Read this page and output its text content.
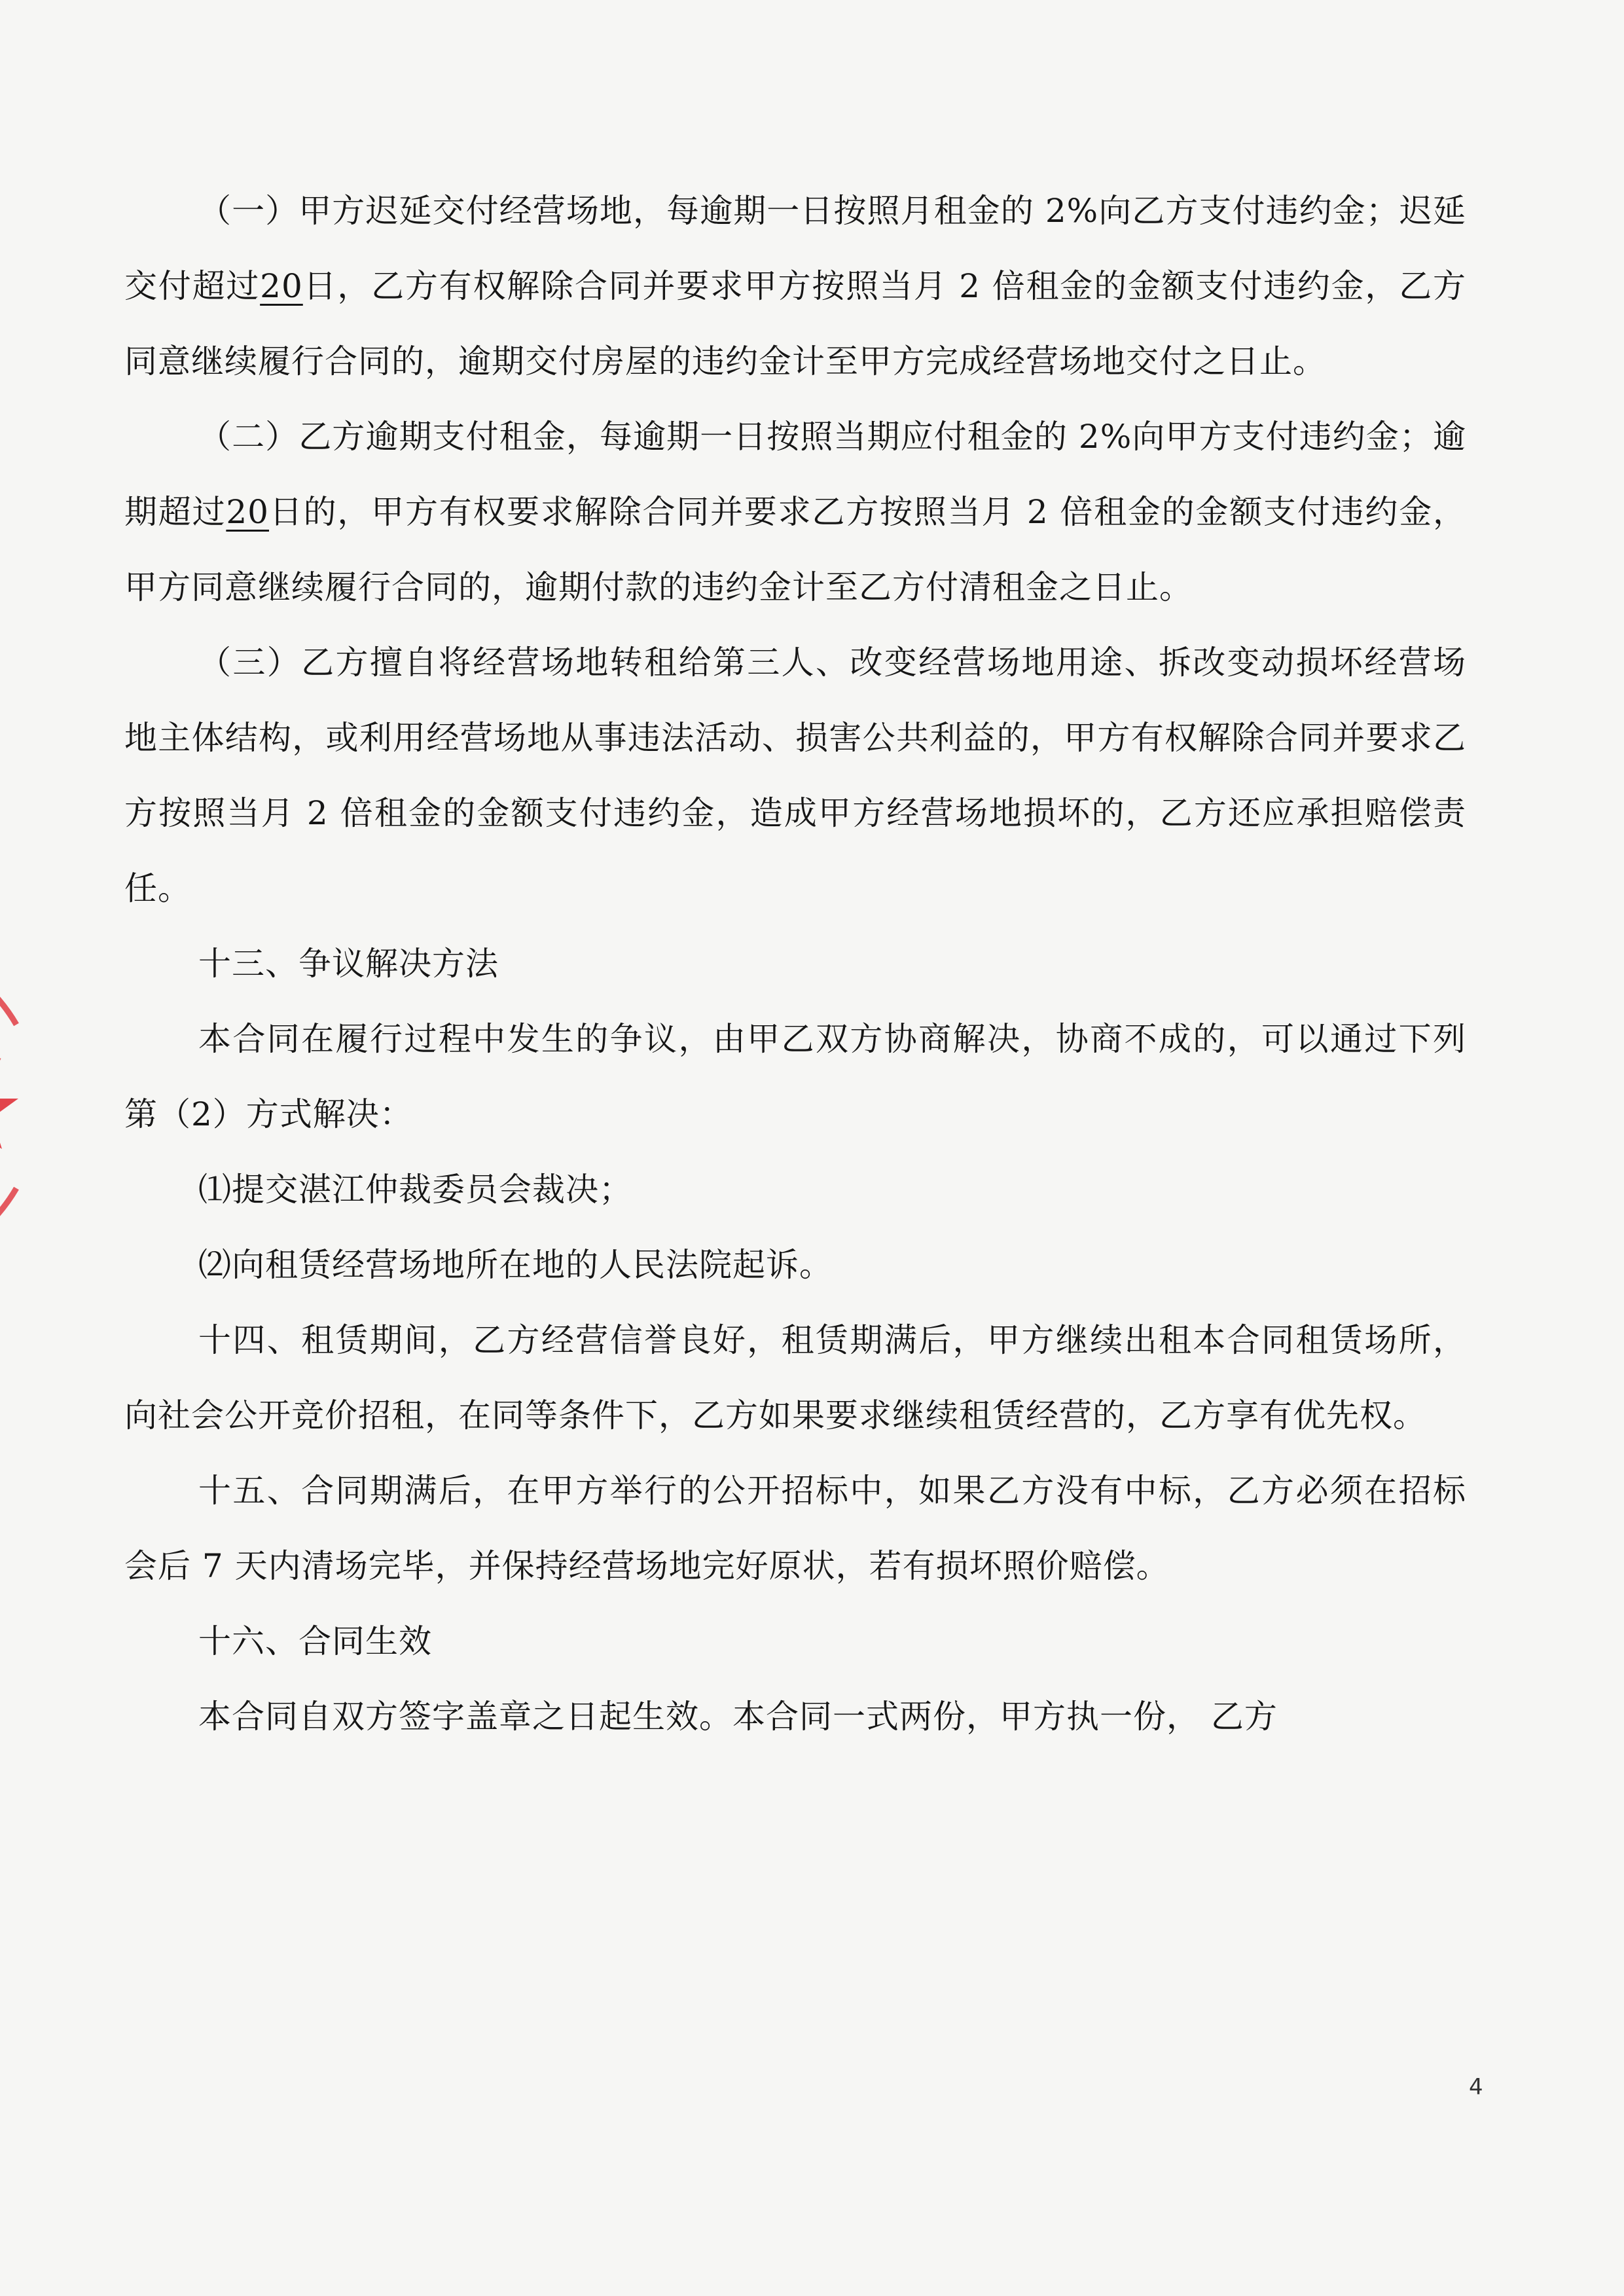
（一）甲方迟延交付经营场地，每逾期一日按照月租金的 2%向乙方支付违约金；迟延交付超过20日，乙方有权解除合同并要求甲方按照当月 2 倍租金的金额支付违约金，乙方同意继续履行合同的，逾期交付房屋的违约金计至甲方完成经营场地交付之日止。

（二）乙方逾期支付租金，每逾期一日按照当期应付租金的 2%向甲方支付违约金；逾期超过20日的，甲方有权要求解除合同并要求乙方按照当月 2 倍租金的金额支付违约金，甲方同意继续履行合同的，逾期付款的违约金计至乙方付清租金之日止。

（三）乙方擅自将经营场地转租给第三人、改变经营场地用途、拆改变动损坏经营场地主体结构，或利用经营场地从事违法活动、损害公共利益的，甲方有权解除合同并要求乙方按照当月 2 倍租金的金额支付违约金，造成甲方经营场地损坏的，乙方还应承担赔偿责任。

十三、争议解决方法

本合同在履行过程中发生的争议，由甲乙双方协商解决，协商不成的，可以通过下列第（2）方式解决：

⑴提交湛江仲裁委员会裁决；

⑵向租赁经营场地所在地的人民法院起诉。

十四、租赁期间，乙方经营信誉良好，租赁期满后，甲方继续出租本合同租赁场所，向社会公开竞价招租，在同等条件下，乙方如果要求继续租赁经营的，乙方享有优先权。

十五、合同期满后，在甲方举行的公开招标中，如果乙方没有中标，乙方必须在招标会后 7 天内清场完毕，并保持经营场地完好原状，若有损坏照价赔偿。

十六、合同生效

本合同自双方签字盖章之日起生效。本合同一式两份，甲方执一份， 乙方

4
